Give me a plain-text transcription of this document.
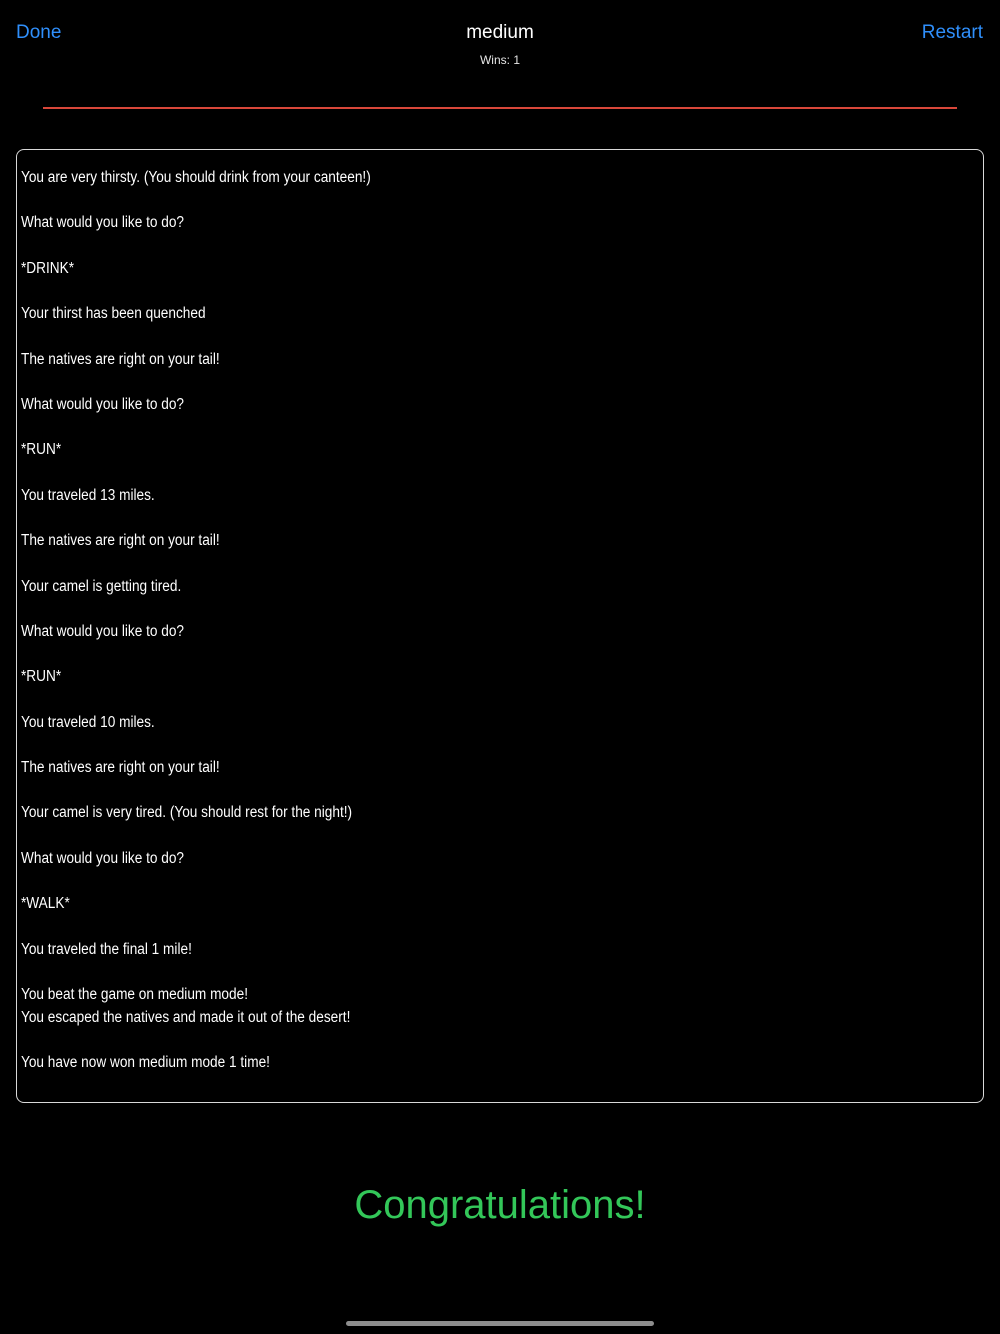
Done	medium
Wins: 1
Restart
You are very thirsty. (You should drink from your canteen!)
What would you like to do?
*DRINK*
Your thirst has been quenched
The natives are right on your tail!
What would you like to do?
*RUN*
You traveled 13 miles.
The natives are right on your tail!
Your camel is getting tired.
What would you like to do?
*RUN*
You traveled 10 miles.
The natives are right on your tail!
Your camel is very tired. (You should rest for the night!)
What would you like to do?
*WALK*
You traveled the final 1 mile!
You beat the game on medium mode!
You escaped the natives and made it out of the desert!
You have now won medium mode 1 time!
Congratulations!
